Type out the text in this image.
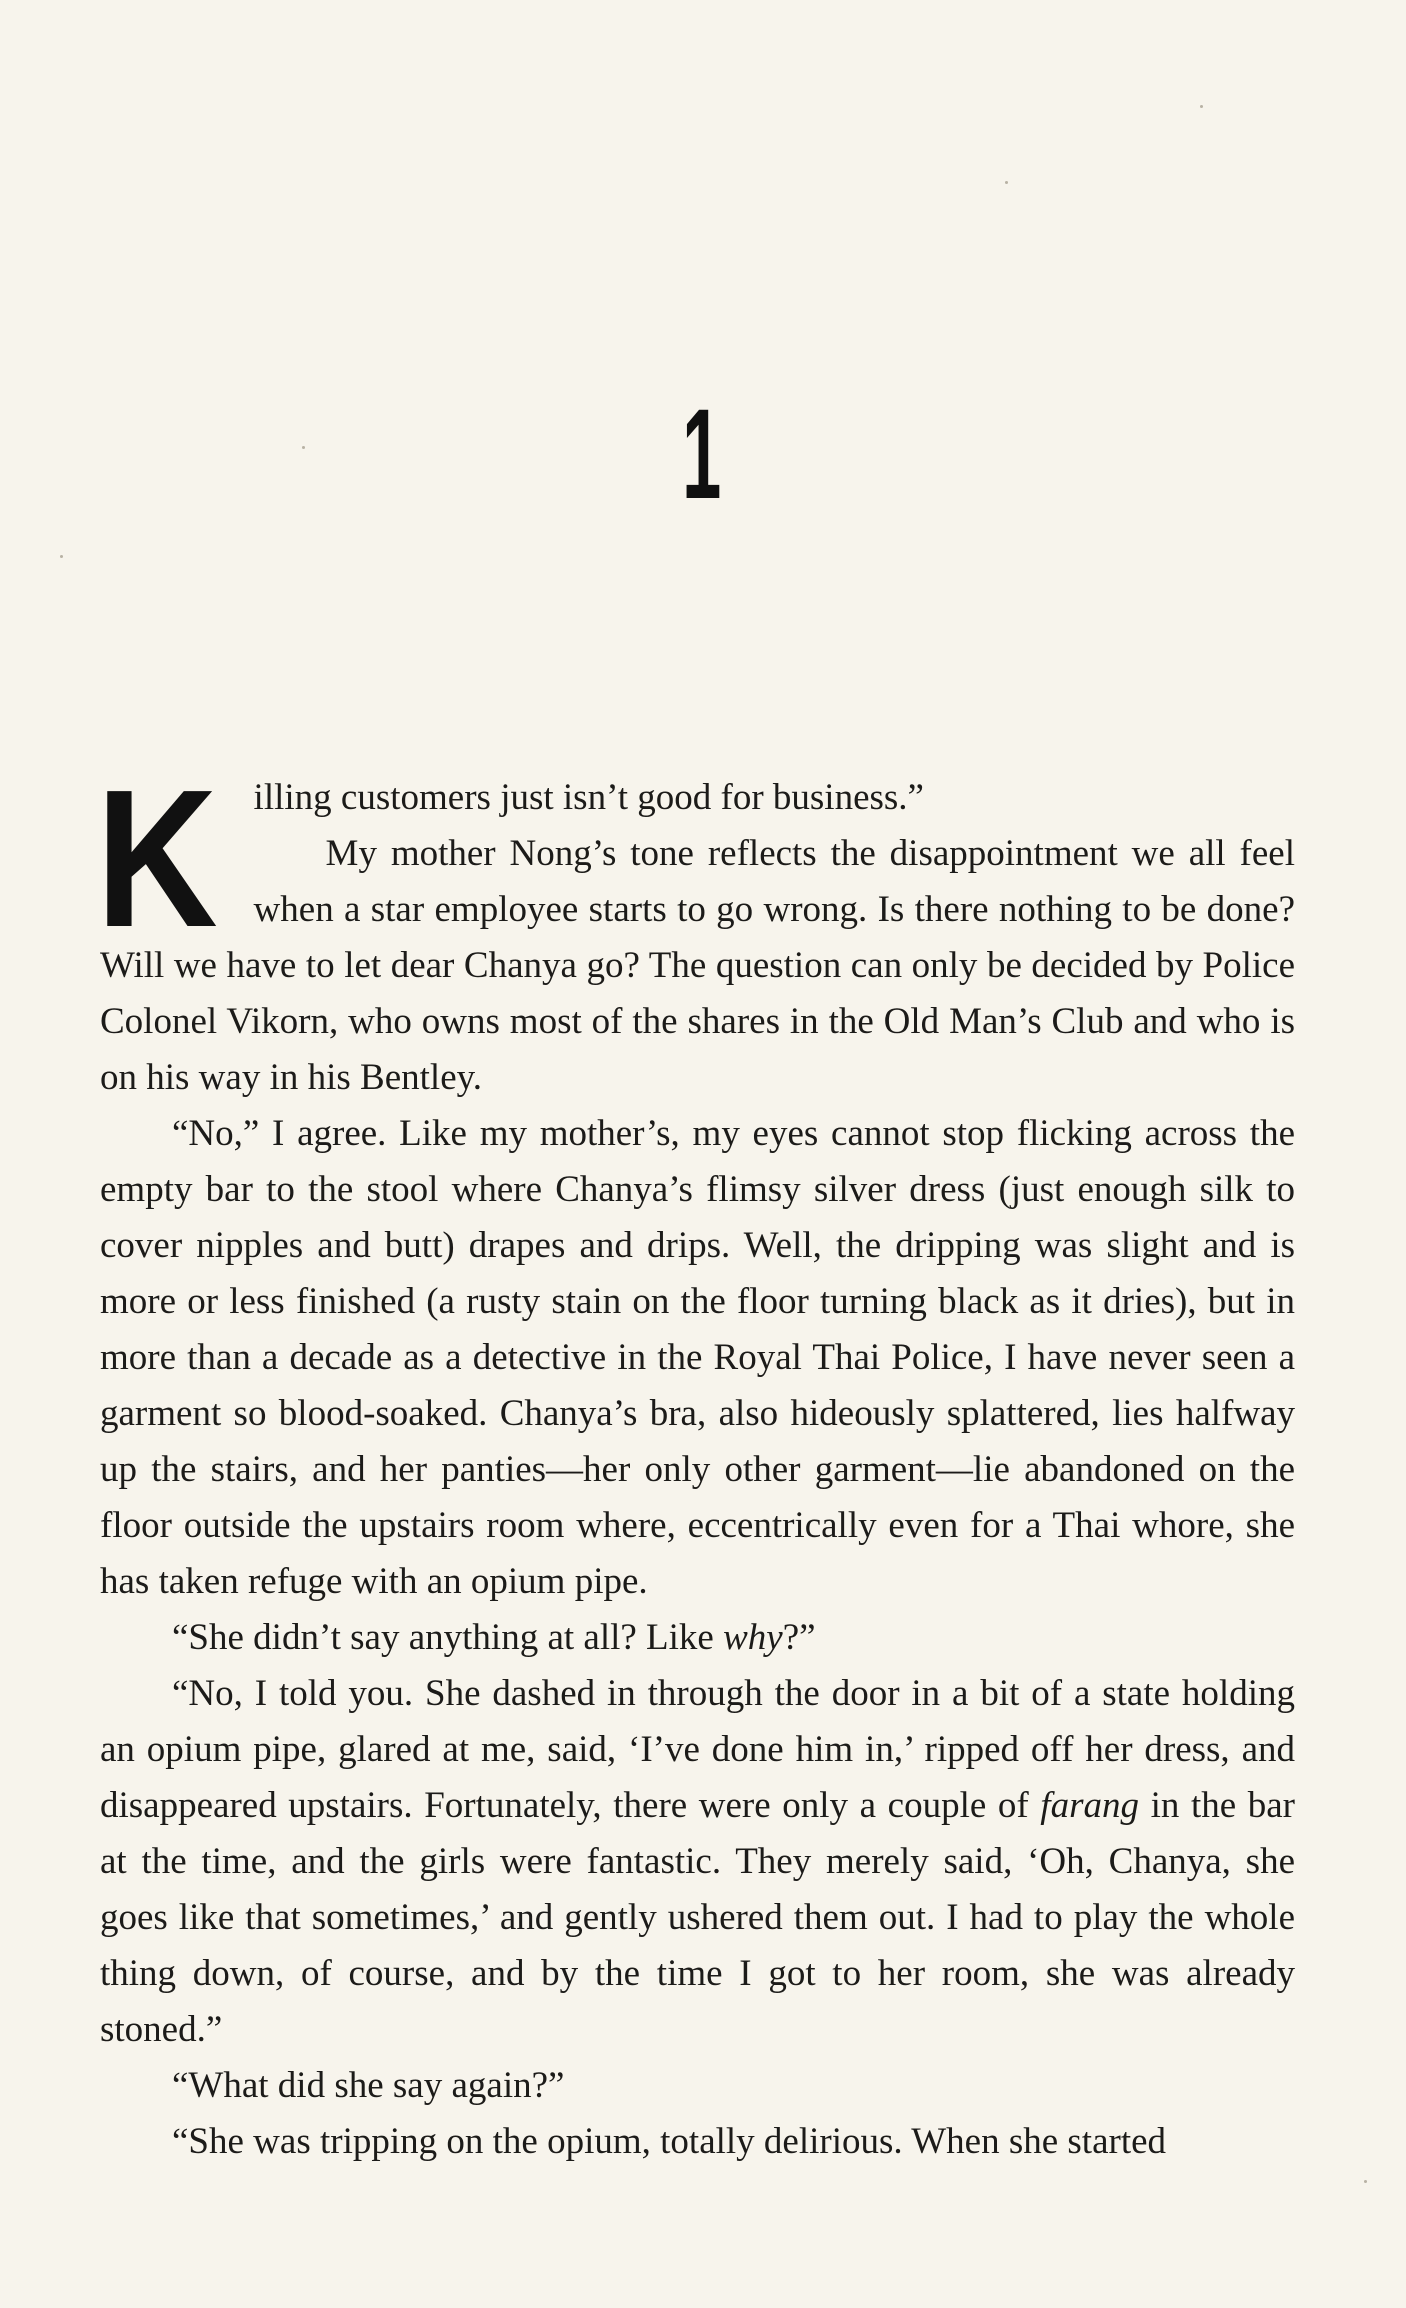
1

Killing customers just isn’t good for business.”

My mother Nong’s tone reflects the disappointment we all feel when a star employee starts to go wrong. Is there nothing to be done? Will we have to let dear Chanya go? The question can only be decided by Police Colonel Vikorn, who owns most of the shares in the Old Man’s Club and who is on his way in his Bentley.

“No,” I agree. Like my mother’s, my eyes cannot stop flicking across the empty bar to the stool where Chanya’s flimsy silver dress (just enough silk to cover nipples and butt) drapes and drips. Well, the dripping was slight and is more or less finished (a rusty stain on the floor turning black as it dries), but in more than a decade as a detective in the Royal Thai Police, I have never seen a garment so blood-soaked. Chanya’s bra, also hideously splattered, lies halfway up the stairs, and her panties—her only other garment—lie abandoned on the floor outside the upstairs room where, eccentrically even for a Thai whore, she has taken refuge with an opium pipe.

“She didn’t say anything at all? Like why?”

“No, I told you. She dashed in through the door in a bit of a state holding an opium pipe, glared at me, said, ‘I’ve done him in,’ ripped off her dress, and disappeared upstairs. Fortunately, there were only a couple of farang in the bar at the time, and the girls were fantastic. They merely said, ‘Oh, Chanya, she goes like that sometimes,’ and gently ushered them out. I had to play the whole thing down, of course, and by the time I got to her room, she was already stoned.”

“What did she say again?”

“She was tripping on the opium, totally delirious. When she started
